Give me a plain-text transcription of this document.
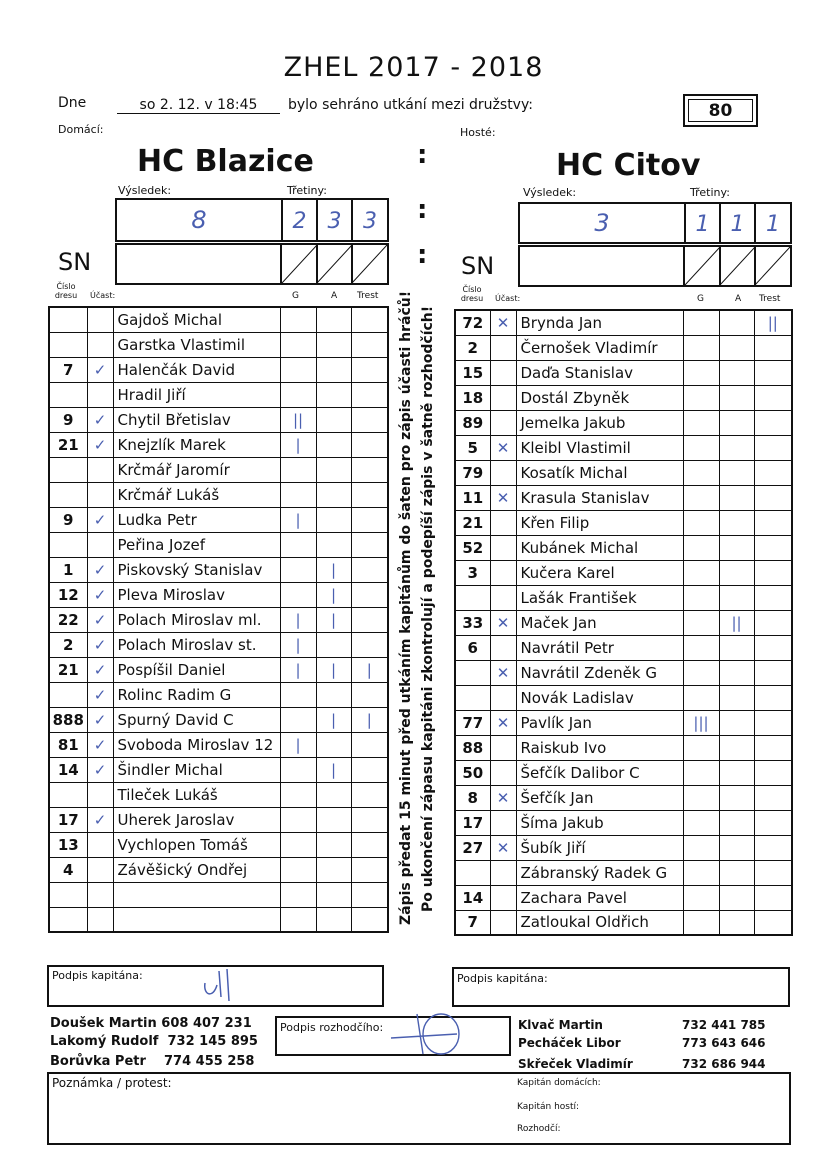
ZHEL 2017 - 2018
Dne	so 2. 12. v 18:45	bylo sehráno utkání mezi družstvy:	80
Domácí:	Hosté:
HC Blazice	HC Citov
:
:
:
Výsledek:	Třetiny:
8	2 3 3
Výsledek:	Třetiny:
3	1 1 1
SN	SN
Číslo dresu	Účast:	G	A Trest
Číslo dresu	Účast:	G	A Trest
		Gajdoš Michal			
		Garstka Vlastimil			
7	✓	Halenčák David			
		Hradil Jiří			
9	✓	Chytil Břetislav	||		
21	✓	Knejzlík Marek	|		
		Krčmář Jaromír			
		Krčmář Lukáš			
9	✓	Ludka Petr	|		
		Peřina Jozef			
1	✓	Piskovský Stanislav		|	
12	✓	Pleva Miroslav		|	
22	✓	Polach Miroslav ml.	|	|	
2	✓	Polach Miroslav st.	|		
21	✓	Pospíšil Daniel	|	|	|
	✓	Rolinc Radim G			
888	✓	Spurný David C		|	|
81	✓	Svoboda Miroslav 12	|		
14	✓	Šindler Michal		|	
		Tileček Lukáš			
17	✓	Uherek Jaroslav			
13		Vychlopen Tomáš			
4		Závěšický Ondřej			

72	✕	Brynda Jan			||
2		Černošek Vladimír			
15		Daďa Stanislav			
18		Dostál Zbyněk			
89		Jemelka Jakub			
5	✕	Kleibl Vlastimil			
79		Kosatík Michal			
11	✕	Krasula Stanislav			
21		Křen Filip			
52		Kubánek Michal			
3		Kučera Karel			
		Lašák František			
33	✕	Maček Jan		||	
6		Navrátil Petr			
	✕	Navrátil Zdeněk G			
		Novák Ladislav			
77	✕	Pavlík Jan	|||		
88		Raiskub Ivo			
50		Šefčík Dalibor C			
8	✕	Šefčík Jan			
17		Šíma Jakub			
27	✕	Šubík Jiří			
		Zábranský Radek G			
14		Zachara Pavel			
7		Zatloukal Oldřich			
Zápis předat 15 minut před utkáním kapitánům do šaten pro zápis účasti hráčů! Po ukončení zápasu kapitáni zkontrolují a podepíší zápis v šatně rozhodčích!
Podpis kapitána:	Podpis kapitána:
Doušek Martin 608 407 231
Lakomý Rudolf 732 145 895
Borůvka Petr 774 455 258
Podpis rozhodčího:	Klvač Martin	732 441 785
Pecháček Libor	773 643 646
Skřeček Vladimír	732 686 944
Poznámka / protest:	Kapitán domácích:
Kapitán hostí:
Rozhodčí:
